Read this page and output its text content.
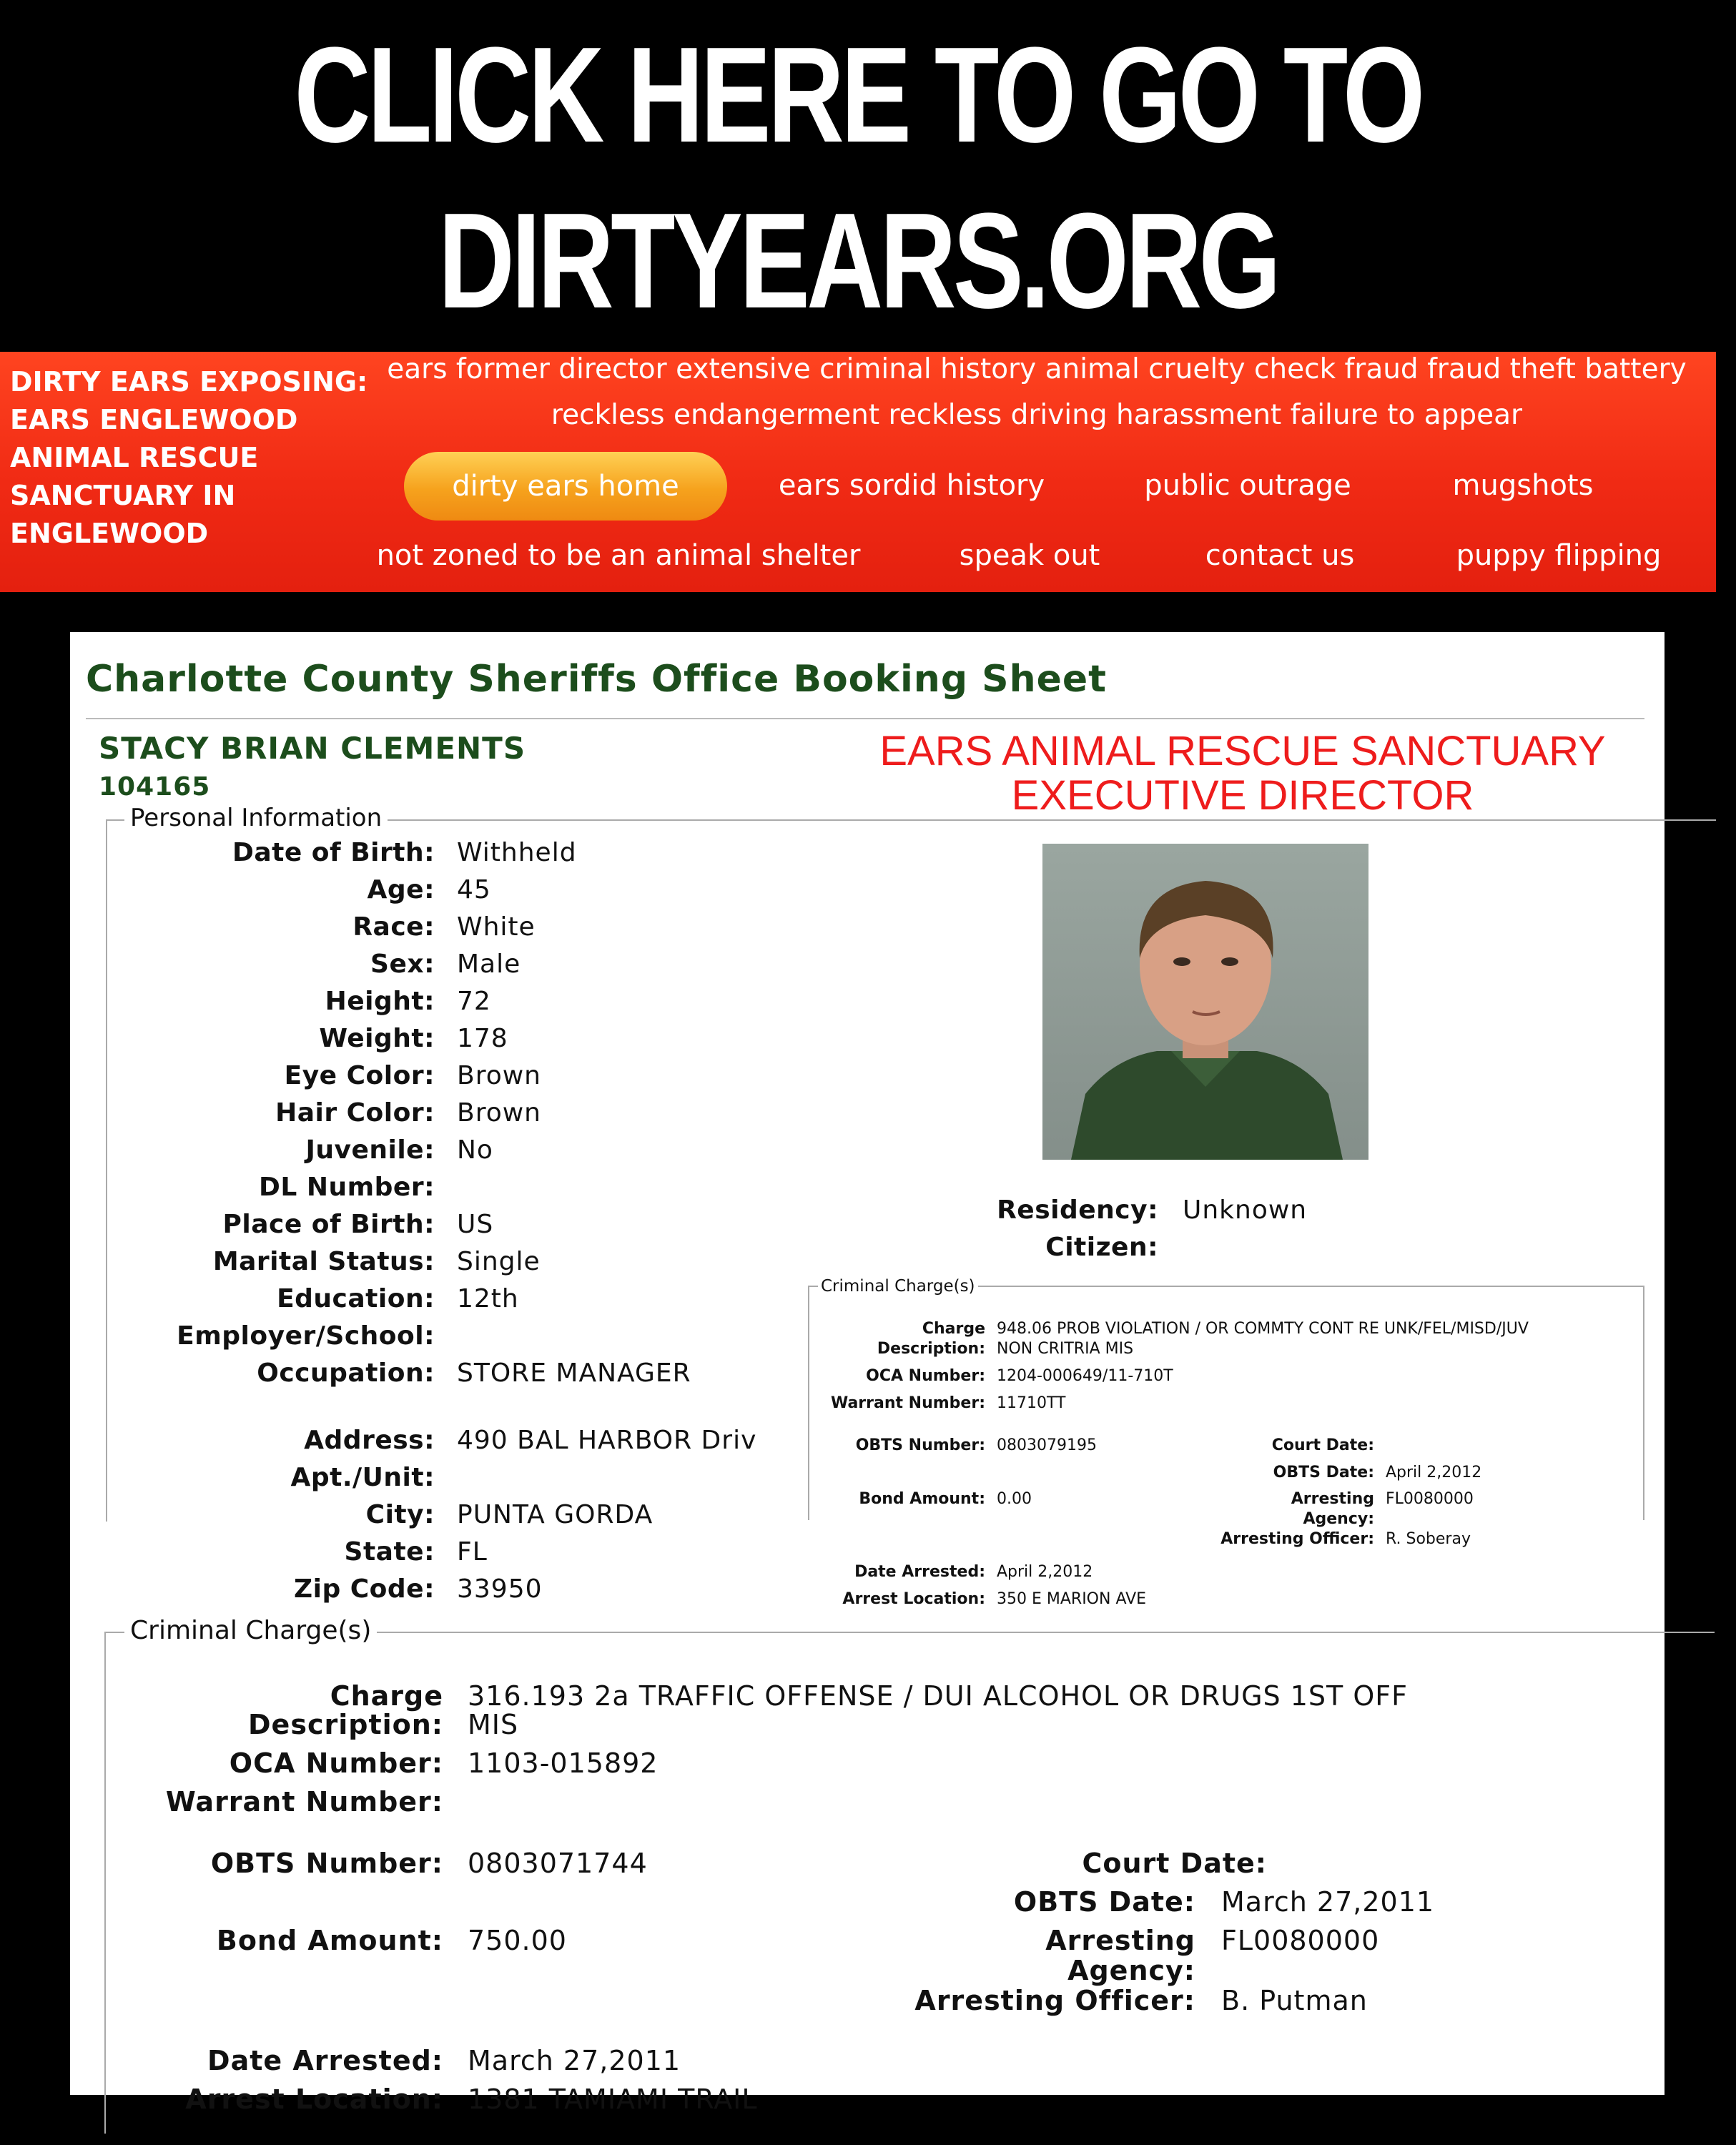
CLICK HERE TO GO TO
DIRTYEARS.ORG
DIRTY EARS EXPOSING:
EARS ENGLEWOOD
ANIMAL RESCUE
SANCTUARY IN
ENGLEWOOD
ears former director extensive criminal history animal cruelty check fraud fraud theft battery
reckless endangerment reckless driving harassment failure to appear
dirty ears home	ears sordid history	public outrage	mugshots
not zoned to be an animal shelter	speak out	contact us	puppy flipping
Charlotte County Sheriffs Office Booking Sheet
STACY BRIAN CLEMENTS
104165
EARS ANIMAL RESCUE SANCTUARY
EXECUTIVE DIRECTOR
Personal Information
Date of Birth: Withheld
Age: 45
Race: White
Sex: Male
Height: 72
Weight: 178
Eye Color: Brown
Hair Color: Brown
Juvenile: No
DL Number:
Place of Birth: US
Marital Status: Single
Education: 12th
Employer/School:
Occupation: STORE MANAGER
Address: 490 BAL HARBOR Driv
Apt./Unit:
City: PUNTA GORDA
State: FL
Zip Code: 33950
Residency: Unknown
Citizen:
Criminal Charge(s)
Charge
Description:
948.06 PROB VIOLATION / OR COMMTY CONT RE UNK/FEL/MISD/JUV
NON CRITRIA MIS
OCA Number: 1204-000649/11-710T
Warrant Number: 11710TT
OBTS Number: 0803079195
Bond Amount: 0.00
Court Date:
OBTS Date: April 2,2012
Arresting
Agency:
FL0080000
Arresting Officer: R. Soberay
Date Arrested: April 2,2012
Arrest Location: 350 E MARION AVE
Criminal Charge(s)
Charge
Description:
316.193 2a TRAFFIC OFFENSE / DUI ALCOHOL OR DRUGS 1ST OFF
MIS
OCA Number: 1103-015892
Warrant Number:
OBTS Number: 0803071744
Bond Amount: 750.00
Court Date:
OBTS Date: March 27,2011
Arresting
Agency:
FL0080000
Arresting Officer: B. Putman
Date Arrested: March 27,2011
Arrest Location: 1381 TAMIAMI TRAIL
